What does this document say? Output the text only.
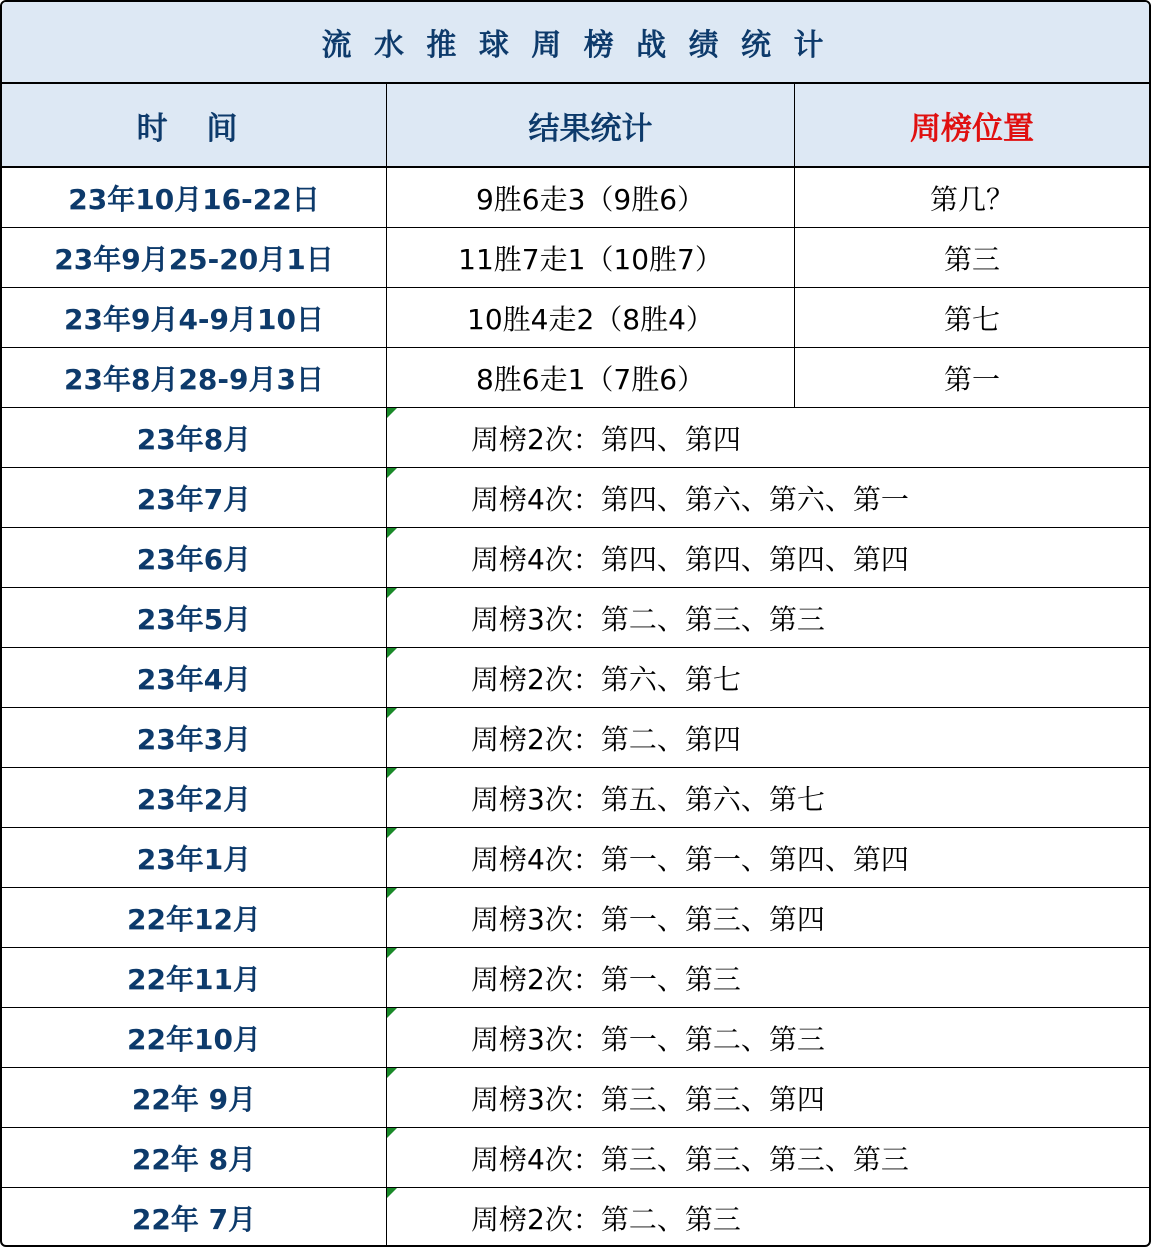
流 水 推 球 周 榜 战 绩 统 计
时 间	结果统计	周榜位置
23年10月16-22日	9胜6走3（9胜6）	第几？
23年9月25-20月1日	11胜7走1（10胜7）	第三
23年9月4-9月10日	10胜4走2（8胜4）	第七
23年8月28-9月3日	8胜6走1（7胜6）	第一
23年8月	周榜2次：第四、第四
23年7月	周榜4次：第四、第六、第六、第一
23年6月	周榜4次：第四、第四、第四、第四
23年5月	周榜3次：第二、第三、第三
23年4月	周榜2次：第六、第七
23年3月	周榜2次：第二、第四
23年2月	周榜3次：第五、第六、第七
23年1月	周榜4次：第一、第一、第四、第四
22年12月	周榜3次：第一、第三、第四
22年11月	周榜2次：第一、第三
22年10月	周榜3次：第一、第二、第三
22年 9月	周榜3次：第三、第三、第四
22年 8月	周榜4次：第三、第三、第三、第三
22年 7月	周榜2次：第二、第三
